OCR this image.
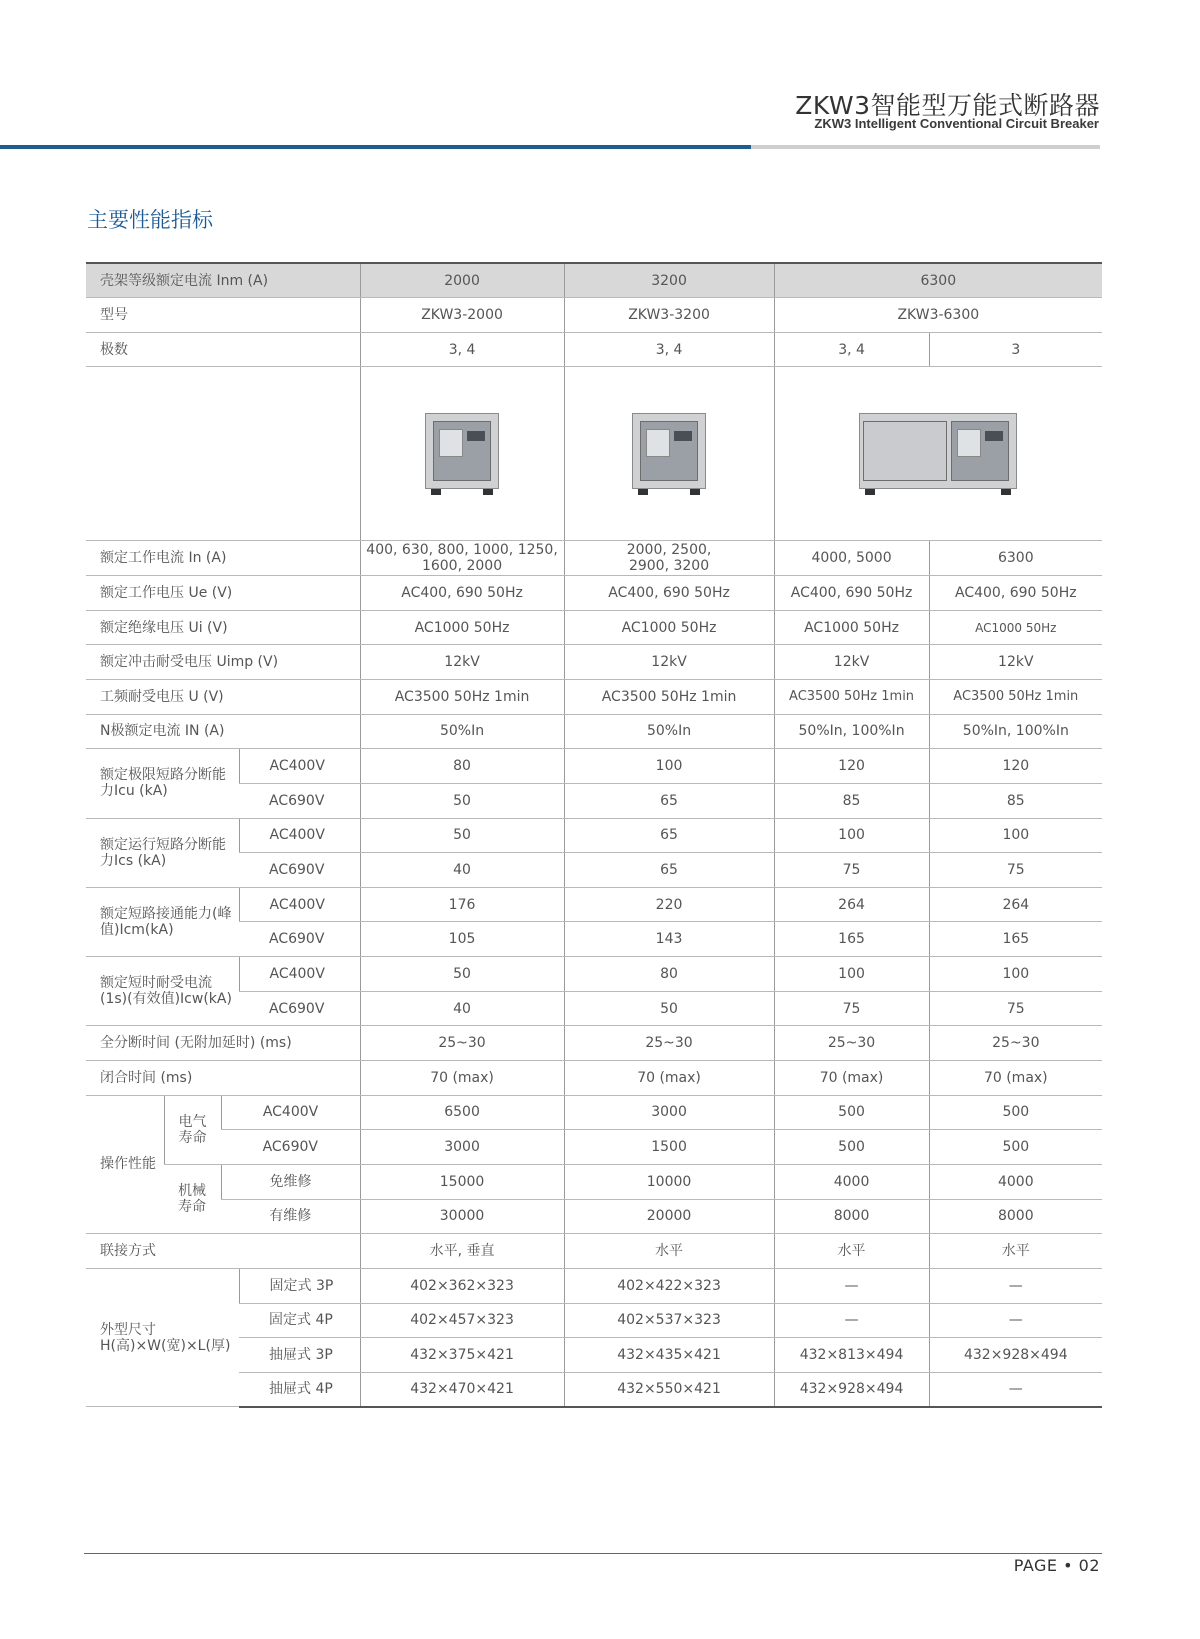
ZKW3智能型万能式断路器
ZKW3 Intelligent Conventional Circuit Breaker
主要性能指标
壳架等级额定电流 Inm (A)				2000	3200	6300	
型号				ZKW3-2000	ZKW3-3200	ZKW3-6300	
极数				3, 4	3, 4	3, 4	3

额定工作电流 In (A)				400, 630, 800, 1000, 1250, 1600, 2000	2000, 2500, 2900, 3200	4000, 5000	6300
额定工作电压 Ue (V)				AC400, 690 50Hz	AC400, 690 50Hz	AC400, 690 50Hz	AC400, 690 50Hz
额定绝缘电压 Ui (V)				AC1000 50Hz	AC1000 50Hz	AC1000 50Hz	AC1000 50Hz
额定冲击耐受电压 Uimp (V)				12kV	12kV	12kV	12kV
工频耐受电压 U (V)				AC3500 50Hz 1min	AC3500 50Hz 1min	AC3500 50Hz 1min	AC3500 50Hz 1min
N极额定电流 IN (A)				50%In	50%In	50%In, 100%In	50%In, 100%In
额定极限短路分断能力Icu (kA)			AC400V	80	100	120	120
			AC690V	50	65	85	85
额定运行短路分断能力Ics (kA)			AC400V	50	65	100	100
			AC690V	40	65	75	75
额定短路接通能力(峰值)Icm(kA)			AC400V	176	220	264	264
			AC690V	105	143	165	165
额定短时耐受电流(1s)(有效值)Icw(kA)			AC400V	50	80	100	100
			AC690V	40	50	75	75
全分断时间 (无附加延时) (ms)				25~30	25~30	25~30	25~30
闭合时间 (ms)				70 (max)	70 (max)	70 (max)	70 (max)
操作性能	电气寿命	AC400V		6500	3000	500	500
		AC690V		3000	1500	500	500
	机械寿命	免维修		15000	10000	4000	4000
		有维修		30000	20000	8000	8000
联接方式				水平, 垂直	水平	水平	水平
外型尺寸H(高)×W(宽)×L(厚)			固定式 3P	402×362×323	402×422×323	—	—
			固定式 4P	402×457×323	402×537×323	—	—
			抽屉式 3P	432×375×421	432×435×421	432×813×494	432×928×494
			抽屉式 4P	432×470×421	432×550×421	432×928×494	—
PAGE • 02
